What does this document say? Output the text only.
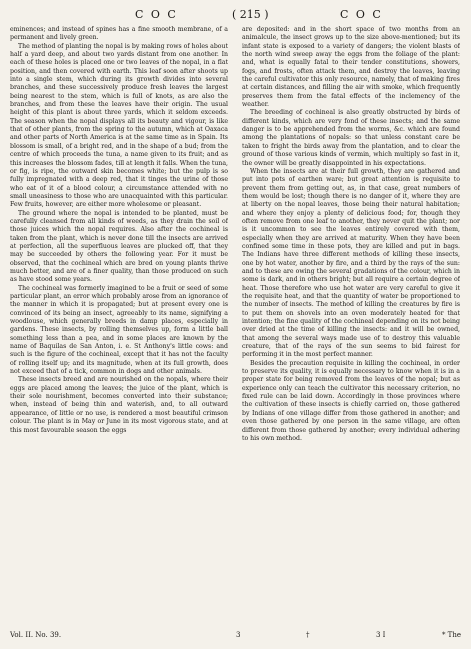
C O C	( 215 )	C O C

eminences; and instead of spines has a fine smooth membrane, of a permanent and lively green.

The method of planting the nopal is by making rows of holes about half a yard deep, and about two yards distant from one another. In each of these holes is placed one or two leaves of the nopal, in a flat position, and then covered with earth. This leaf soon after shoots up into a single stem, which during its growth divides into several branches, and these successively produce fresh leaves the largest being nearest to the stem, which is full of knots, as are also the branches, and from these the leaves have their origin. The usual height of this plant is about three yards, which it seldom exceeds. The season when the nopal displays all its beauty and vigour, is like that of other plants, from the spring to the autumn, which at Oaxaca and other parts of North America is at the same time as in Spain. Its blossom is small, of a bright red, and in the shape of a bud; from the centre of which proceeds the tuna, a name given to its fruit; and as this increases the blossom fades, till at length it falls. When the tuna, or fig, is ripe, the outward skin becomes white; but the pulp is so fully impregnated with a deep red, that it tinges the urine of those who eat of it of a blood colour, a circumstance attended with no small uneasiness to those who are unacquainted with this particular. Few fruits, however, are either more wholesome or pleasant.

The ground where the nopal is intended to be planted, must be carefully cleansed from all kinds of weeds, as they drain the soil of those juices which the nopal requires. Also after the cochineal is taken from the plant, which is never done till the insects are arrived at perfection, all the superfluous leaves are plucked off, that they may be succeeded by others the following year. For it must be observed, that the cochineal which are bred on young plants thrive much better, and are of a finer quality, than those produced on such as have stood some years.

The cochineal was formerly imagined to be a fruit or seed of some particular plant, an error which probably arose from an ignorance of the manner in which it is propagated; but at present every one is convinced of its being an insect, agreeably to its name, signifying a woodlouse, which generally breeds in damp places, especially in gardens. These insects, by rolling themselves up, form a little ball something less than a pea, and in some places are known by the name of Baquilas de San Anton, i. e. St Anthony's little cows: and such is the figure of the cochineal, except that it has not the faculty of rolling itself up; and its magnitude, when at its full growth, does not exceed that of a tick, common in dogs and other animals.

These insects breed and are nourished on the nopals, where their eggs are placed among the leaves; the juice of the plant, which is their sole nourishment, becomes converted into their substance; when, instead of being thin and waterish, and, to all outward appearance, of little or no use, is rendered a most beautiful crimson colour. The plant is in May or June in its most vigorous state, and at this most favourable season the eggs

are deposited: and in the short space of two months from an animalcule, the insect grows up to the size above-mentioned; but its infant state is exposed to a variety of dangers; the violent blasts of the north wind sweep away the eggs from the foliage of the plant: and, what is equally fatal to their tender constitutions, showers, fogs, and frosts, often attack them, and destroy the leaves, leaving the careful cultivator this only resource, namely, that of making fires at certain distances, and filling the air with smoke, which frequently preserves them from the fatal effects of the inclemency of the weather.

The breeding of cochineal is also greatly obstructed by birds of different kinds, which are very fond of these insects; and the same danger is to be apprehended from the worms, &c. which are found among the plantations of nopals: so that unless constant care be taken to fright the birds away from the plantation, and to clear the ground of those various kinds of vermin, which multiply so fast in it, the owner will be greatly disappointed in his expectations.

When the insects are at their full growth, they are gathered and put into pots of earthen ware; but great attention is requisite to prevent them from getting out, as, in that case, great numbers of them would be lost; though there is no danger of it, where they are at liberty on the nopal leaves, those being their natural habitation; and where they enjoy a plenty of delicious food; for, though they often remove from one leaf to another, they never quit the plant; nor is it uncommon to see the leaves entirely covered with them, especially when they are arrived at maturity. When they have been confined some time in these pots, they are killed and put in bags. The Indians have three different methods of killing these insects, one by hot water, another by fire, and a third by the rays of the sun: and to these are owing the several gradations of the colour, which in some is dark, and in others bright; but all require a certain degree of heat. Those therefore who use hot water are very careful to give it the requisite heat, and that the quantity of water be proportioned to the number of insects. The method of killing the creatures by fire is to put them on shovels into an oven moderately heated for that intention; the fine quality of the cochineal depending on its not being over dried at the time of killing the insects: and it will be owned, that among the several ways made use of to destroy this valuable creature, that of the rays of the sun seems to bid fairest for performing it in the most perfect manner.

Besides the precaution requisite in killing the cochineal, in order to preserve its quality, it is equally necessary to know when it is in a proper state for being removed from the leaves of the nopal; but as experience only can teach the cultivator this necessary criterion, no fixed rule can be laid down. Accordingly in those provinces where the cultivation of these insects is chiefly carried on, those gathered by Indians of one village differ from those gathered in another; and even those gathered by one person in the same village, are often different from those gathered by another; every individual adhering to his own method.

Vol. II. No. 39.	3	†	3 I	* The
